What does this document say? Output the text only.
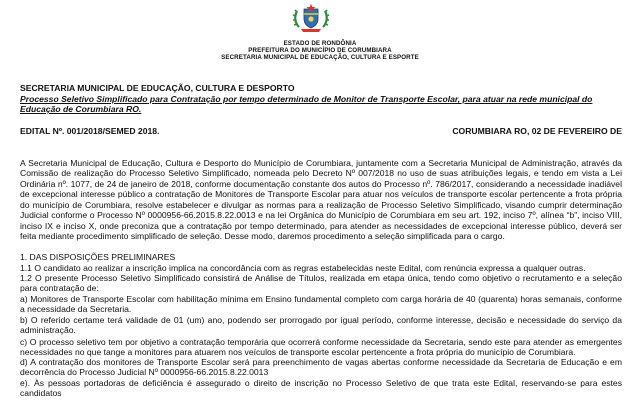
ESTADO DE RONDÔNIA
PREFEITURA DO MUNICÍPIO DE CORUMBIARA
SECRETARIA MUNICIPAL DE EDUCAÇÃO, CULTURA E ESPORTE
SECRETARIA MUNICIPAL DE EDUCAÇÃO, CULTURA E DESPORTO
Processo Seletivo Simplificado para Contratação por tempo determinado de Monitor de Transporte Escolar, para atuar na rede municipal do Educação de Corumbiara RO.
EDITAL Nº. 001/2018/SEMED 2018.	CORUMBIARA RO, 02 DE FEVEREIRO DE
A Secretaria Municipal de Educação, Cultura e Desporto do Município de Corumbiara, juntamente com a Secretaria Municipal de Administração, através da Comissão de realização do Processo Seletivo Simplificado, nomeada pelo Decreto Nº 007/2018 no uso de suas atribuições legais, e tendo em vista a Lei Ordinária nº. 1077, de 24 de janeiro de 2018, conforme documentação constante dos autos do Processo nº. 786/2017, considerando a necessidade inadiável de excepcional interesse público a contratação de Monitores de Transporte Escolar para atuar nos veículos de transporte escolar pertencente a frota própria do município de Corumbiara, resolve estabelecer e divulgar as normas para a realização de Processo Seletivo Simplificado, visando cumprir determinação Judicial conforme o Processo Nº 0000956-66.2015.8.22.0013 e na lei Orgânica do Município de Corumbiara em seu art. 192, inciso 7º, alínea “b”, inciso VIII, inciso IX e inciso X, onde preconiza que a contratação por tempo determinado, para atender as necessidades de excepcional interesse público, deverá ser feita mediante procedimento simplificado de seleção. Desse modo, daremos procedimento a seleção simplificada para o cargo.
1. DAS DISPOSIÇÕES PRELIMINARES
1.1 O candidato ao realizar a inscrição implica na concordância com as regras estabelecidas neste Edital, com renúncia expressa a qualquer outras.
1.2 O presente Processo Seletivo Simplificado consistirá de Análise de Títulos, realizada em etapa única, tendo como objetivo o recrutamento e a seleção para contratação de:
a) Monitores de Transporte Escolar com habilitação mínima em Ensino fundamental completo com carga horária de 40 (quarenta) horas semanais, conforme a necessidade da Secretaria.
b) O referido certame terá validade de 01 (um) ano, podendo ser prorrogado por igual período, conforme interesse, decisão e necessidade do serviço da administração.
c) O processo seletivo tem por objetivo a contratação temporária que ocorrerá conforme necessidade da Secretaria, sendo este para atender as emergentes necessidades no que tange a monitores para atuarem nos veículos de transporte escolar pertencente a frota própria do município de Corumbiara.
d) A contratação dos monitores de Transporte Escolar será para preenchimento de vagas abertas conforme necessidade da Secretaria de Educação e em decorrência do Processo Judicial Nº 0000956-66.2015.8.22.0013
e). Às pessoas portadoras de deficiência é assegurado o direito de inscrição no Processo Seletivo de que trata este Edital, reservando-se para estes candidatos
